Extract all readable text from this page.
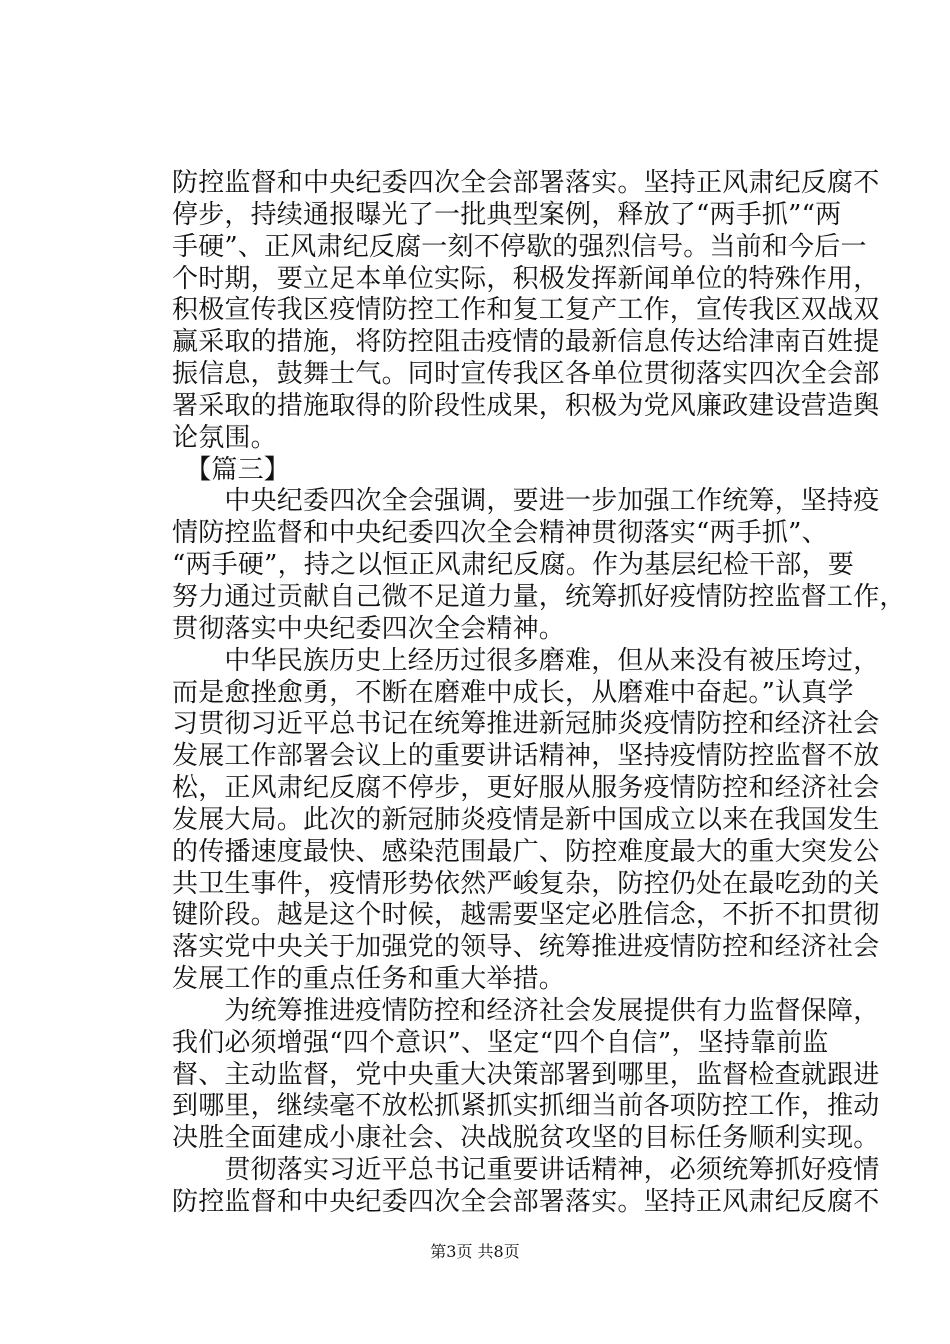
防控监督和中央纪委四次全会部署落实。坚持正风肃纪反腐不
停步，持续通报曝光了一批典型案例，释放了“两手抓”“两
手硬”、正风肃纪反腐一刻不停歇的强烈信号。当前和今后一
个时期，要立足本单位实际，积极发挥新闻单位的特殊作用，
积极宣传我区疫情防控工作和复工复产工作，宣传我区双战双
赢采取的措施，将防控阻击疫情的最新信息传达给津南百姓提
振信息，鼓舞士气。同时宣传我区各单位贯彻落实四次全会部
署采取的措施取得的阶段性成果，积极为党风廉政建设营造舆
论氛围。
　【篇三】
　　中央纪委四次全会强调，要进一步加强工作统筹，坚持疫
情防控监督和中央纪委四次全会精神贯彻落实“两手抓”、
“两手硬”，持之以恒正风肃纪反腐。作为基层纪检干部，要
努力通过贡献自己微不足道力量，统筹抓好疫情防控监督工作，
贯彻落实中央纪委四次全会精神。
　　中华民族历史上经历过很多磨难，但从来没有被压垮过，
而是愈挫愈勇，不断在磨难中成长，从磨难中奋起。”认真学
习贯彻习近平总书记在统筹推进新冠肺炎疫情防控和经济社会
发展工作部署会议上的重要讲话精神，坚持疫情防控监督不放
松，正风肃纪反腐不停步，更好服从服务疫情防控和经济社会
发展大局。此次的新冠肺炎疫情是新中国成立以来在我国发生
的传播速度最快、感染范围最广、防控难度最大的重大突发公
共卫生事件，疫情形势依然严峻复杂，防控仍处在最吃劲的关
键阶段。越是这个时候，越需要坚定必胜信念，不折不扣贯彻
落实党中央关于加强党的领导、统筹推进疫情防控和经济社会
发展工作的重点任务和重大举措。
　　为统筹推进疫情防控和经济社会发展提供有力监督保障，
我们必须增强“四个意识”、坚定“四个自信”，坚持靠前监
督、主动监督，党中央重大决策部署到哪里，监督检查就跟进
到哪里，继续毫不放松抓紧抓实抓细当前各项防控工作，推动
决胜全面建成小康社会、决战脱贫攻坚的目标任务顺利实现。
　　贯彻落实习近平总书记重要讲话精神，必须统筹抓好疫情
防控监督和中央纪委四次全会部署落实。坚持正风肃纪反腐不
第3页 共8页
